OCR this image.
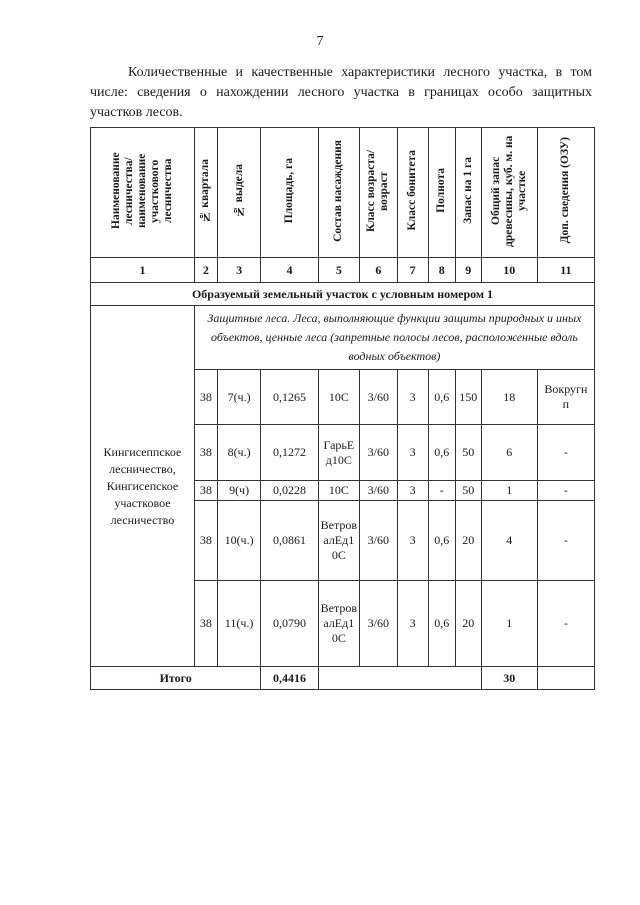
7
Количественные и качественные характеристики лесного участка, в том числе: сведения о нахождении лесного участка в границах особо защитных участков лесов.
Наименование лесничества/ наименование участкового лесничества	№ квартала	№ выдела	Площадь, га	Состав насаждения	Класс возраста/возраст	Класс бонитета	Полнота	Запас на 1 га	Общий запас древесины, куб. м. на участке	Доп. сведения (ОЗУ)
1	2	3	4	5	6	7	8	9	10	11
Образуемый земельный участок с условным номером 1										
Кингисеппское лесничество, Кингисепское участковое лесничество	Защитные леса. Леса, выполняющие функции защиты природных и иных объектов, ценные леса (запретные полосы лесов, расположенные вдоль водных объектов)									
	38	7(ч.)	0,1265	10С	3/60	3	0,6	150	18	Вокругнп
	38	8(ч.)	0,1272	ГарьЕд10С	3/60	3	0,6	50	6	-
	38	9(ч)	0,0228	10С	3/60	3	-	50	1	-
	38	10(ч.)	0,0861	ВетровалЕд10С	3/60	3	0,6	20	4	-
	38	11(ч.)	0,0790	ВетровалЕд10С	3/60	3	0,6	20	1	-
Итого			0,4416						30	
